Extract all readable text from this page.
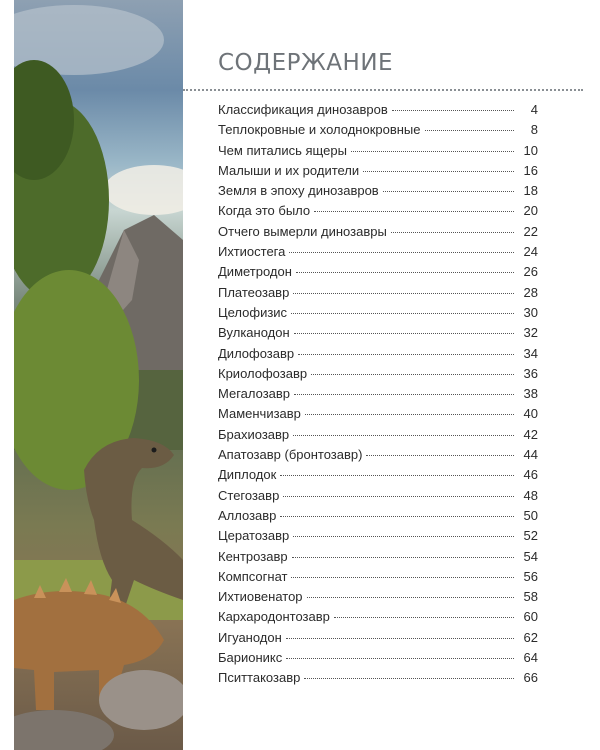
СОДЕРЖАНИЕ
Классификация динозавров	4
Теплокровные и холоднокровные	8
Чем питались ящеры	10
Малыши и их родители	16
Земля в эпоху динозавров	18
Когда это было	20
Отчего вымерли динозавры	22
Ихтиостега	24
Диметродон	26
Платеозавр	28
Целофизис	30
Вулканодон	32
Дилофозавр	34
Криолофозавр	36
Мегалозавр	38
Маменчизавр	40
Брахиозавр	42
Апатозавр (бронтозавр)	44
Диплодок	46
Стегозавр	48
Аллозавр	50
Цератозавр	52
Кентрозавр	54
Компсогнат	56
Ихтиовенатор	58
Кархародонтозавр	60
Игуанодон	62
Барионикс	64
Пситтакозавр	66
